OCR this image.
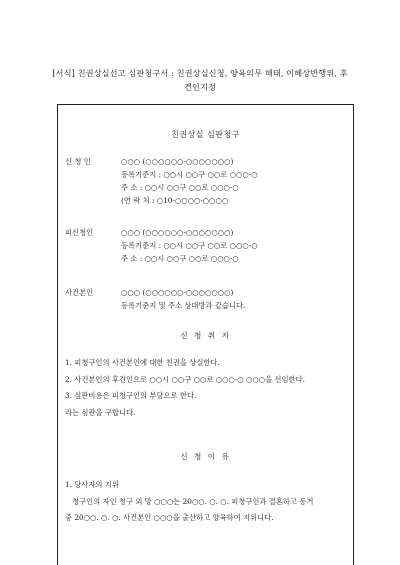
[서식] 친권상실선고 심판청구서 : 친권상실신청, 양육의무 해태, 이혜상반행위, 후
견인지정
친권상실 심판청구
신 청 인	○○○ (○○○○○○-○○○○○○○)
등록기준지 : ○○시 ○○구 ○○로 ○○○-○
주 소 : ○○시 ○○구 ○○로 ○○○-○
(연 락 처 : ○10-○○○○-○○○○
피신청인	○○○ (○○○○○○-○○○○○○○)
등록기준지 : ○○시 ○○구 ○○로 ○○○-○
주 소 : ○○시 ○○구 ○○로 ○○○-○
사건본인	○○○ (○○○○○○-○○○○○○○)
등록기준지 및 주소 상대방과 같습니다.
신 청 취 지
1. 피청구인의 사건본인에 대한 친권을 상실한다.
2. 사건본인의 후견인으로 ○○시 ○○구 ○○로 ○○○-○ ○○○을 선임한다.
3. 심판비용은 피청구인의 부담으로 한다.
라는 심판을 구합니다.
신 청 이 유
1. 당사자의 지위
청구인의 자인 청구 외 망 ○○○는 20○○. ○. ○. 피청구인과 결혼하고 동거
중 20○○. ○. ○. 사건본인 ○○○을 출산하고 양육하여 지위니다.
